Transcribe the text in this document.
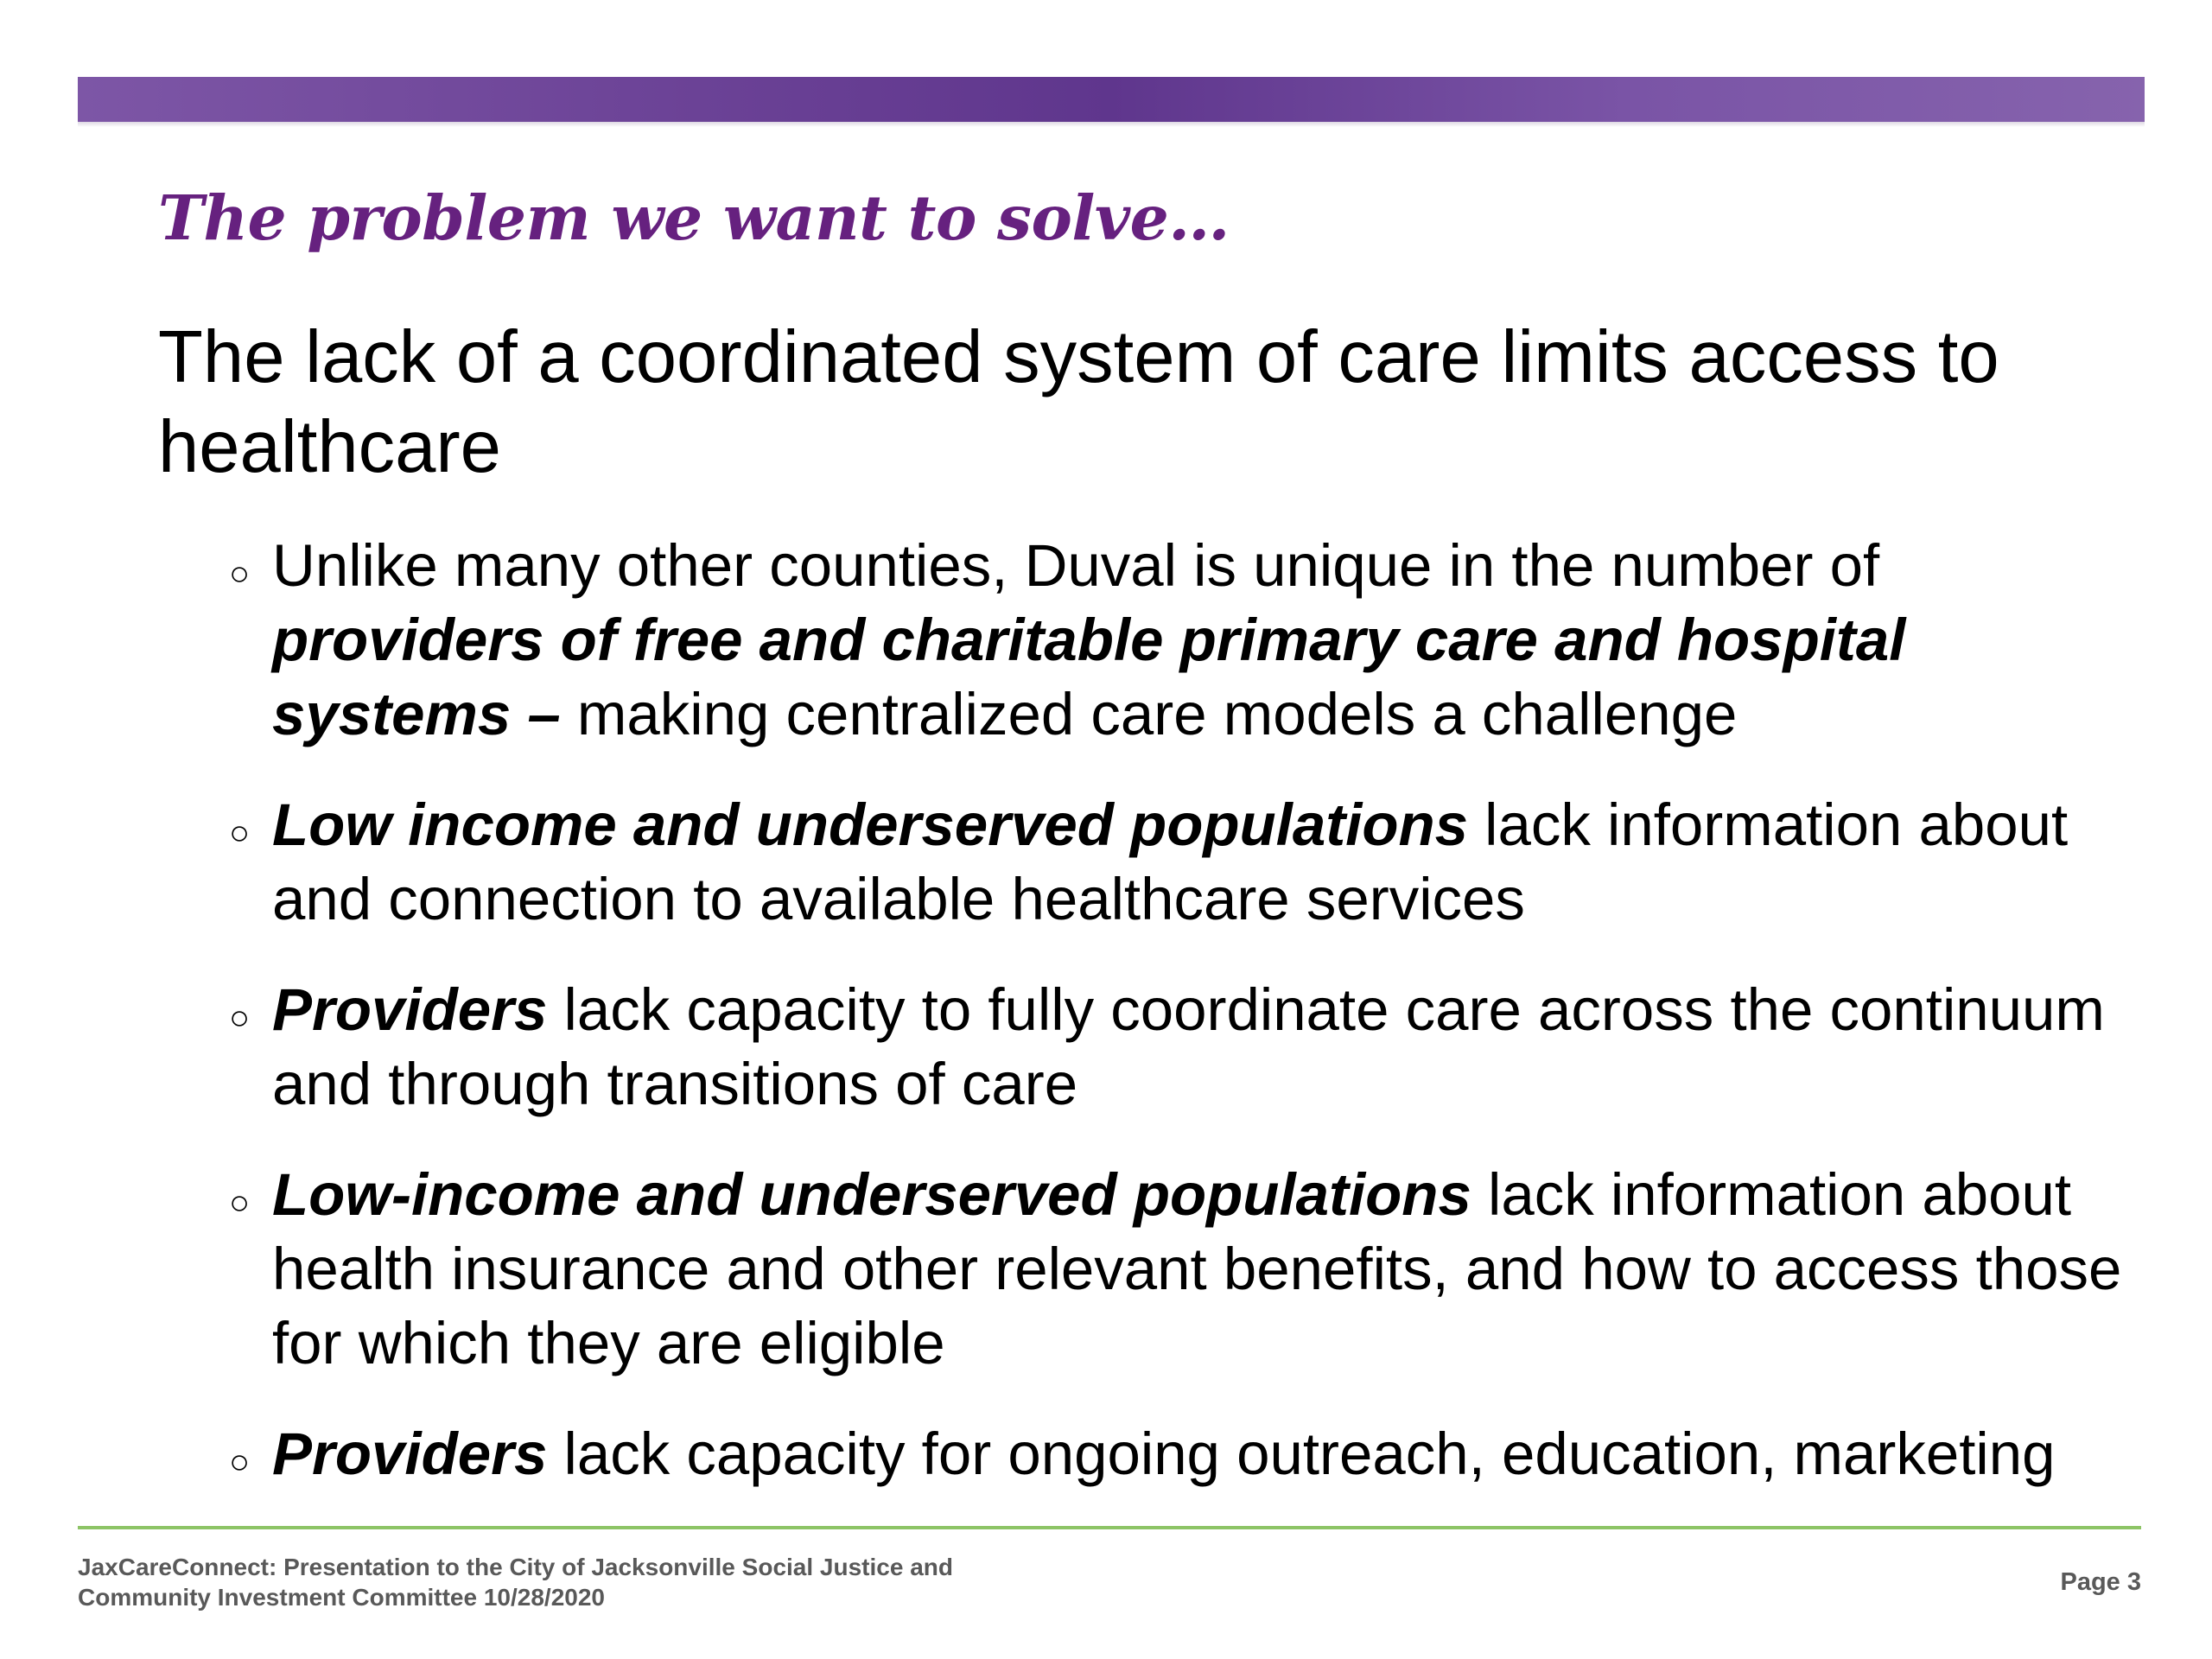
The problem we want to solve…

The lack of a coordinated system of care limits access to healthcare

○ Unlike many other counties, Duval is unique in the number of providers of free and charitable primary care and hospital systems – making centralized care models a challenge
○ Low income and underserved populations lack information about and connection to available healthcare services
○ Providers lack capacity to fully coordinate care across the continuum and through transitions of care
○ Low-income and underserved populations lack information about health insurance and other relevant benefits, and how to access those for which they are eligible
○ Providers lack capacity for ongoing outreach, education, marketing
JaxCareConnect: Presentation to the City of Jacksonville Social Justice and
Community Investment Committee 10/28/2020
Page 3
